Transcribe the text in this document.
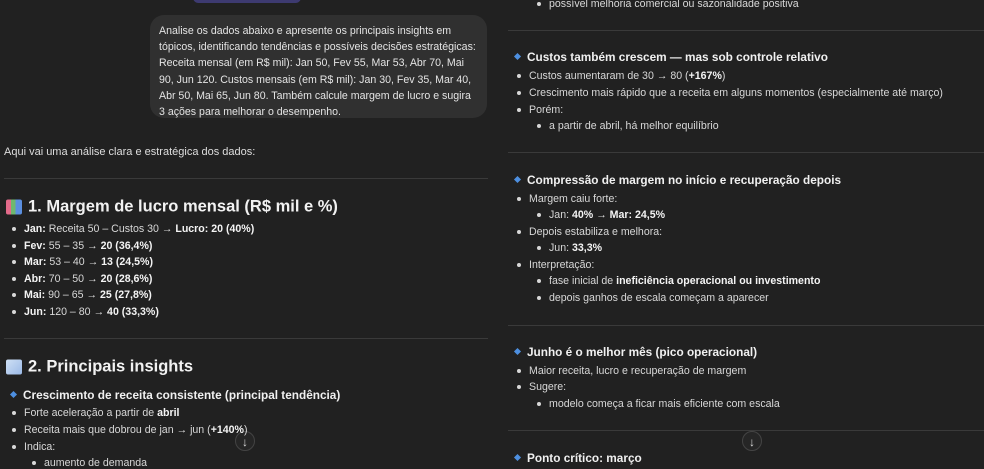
Analise os dados abaixo e apresente os principais insights em tópicos, identificando tendências e possíveis decisões estratégicas: Receita mensal (em R$ mil): Jan 50, Fev 55, Mar 53, Abr 70, Mai 90, Jun 120. Custos mensais (em R$ mil): Jan 30, Fev 35, Mar 40, Abr 50, Mai 65, Jun 80. Também calcule margem de lucro e sugira 3 ações para melhorar o desempenho.
↓
Aqui vai uma análise clara e estratégica dos dados:
1. Margem de lucro mensal (R$ mil e %)
Jan: Receita 50 – Custos 30 → Lucro: 20 (40%)
Fev: 55 – 35 → 20 (36,4%)
Mar: 53 – 40 → 13 (24,5%)
Abr: 70 – 50 → 20 (28,6%)
Mai: 90 – 65 → 25 (27,8%)
Jun: 120 – 80 → 40 (33,3%)
2. Principais insights
Crescimento de receita consistente (principal tendência)
Forte aceleração a partir de abril
Receita mais que dobrou de jan → jun (+140%)
Indica:
aumento de demanda
↓
possível melhoria comercial ou sazonalidade positiva
Custos também crescem — mas sob controle relativo
Custos aumentaram de 30 → 80 (+167%)
Crescimento mais rápido que a receita em alguns momentos (especialmente até março)
Porém:
a partir de abril, há melhor equilíbrio
Compressão de margem no início e recuperação depois
Margem caiu forte:
Jan: 40% → Mar: 24,5%
Depois estabiliza e melhora:
Jun: 33,3%
Interpretação:
fase inicial de ineficiência operacional ou investimento
depois ganhos de escala começam a aparecer
Junho é o melhor mês (pico operacional)
Maior receita, lucro e recuperação de margem
Sugere:
modelo começa a ficar mais eficiente com escala
Ponto crítico: março
